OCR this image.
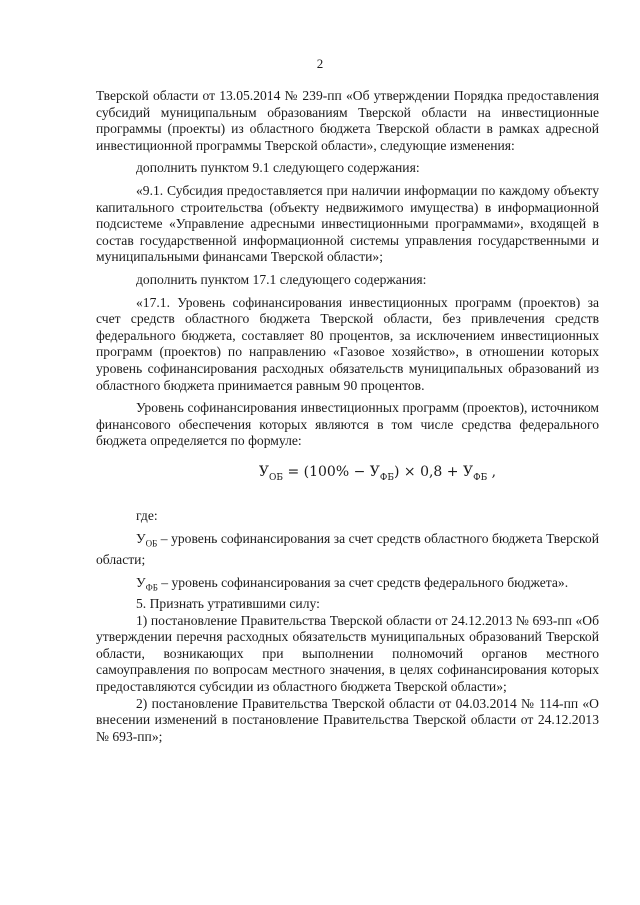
2

Тверской области от 13.05.2014 № 239-пп «Об утверждении Порядка предоставления субсидий муниципальным образованиям Тверской области на инвестиционные программы (проекты) из областного бюджета Тверской области в рамках адресной инвестиционной программы Тверской области», следующие изменения:

дополнить пунктом 9.1 следующего содержания:

«9.1. Субсидия предоставляется при наличии информации по каждому объекту капитального строительства (объекту недвижимого имущества) в информационной подсистеме «Управление адресными инвестиционными программами», входящей в состав государственной информационной системы управления государственными и муниципальными финансами Тверской области»;

дополнить пунктом 17.1 следующего содержания:

«17.1. Уровень софинансирования инвестиционных программ (проектов) за счет средств областного бюджета Тверской области, без привлечения средств федерального бюджета, составляет 80 процентов, за исключением инвестиционных программ (проектов) по направлению «Газовое хозяйство», в отношении которых уровень софинансирования расходных обязательств муниципальных образований из областного бюджета принимается равным 90 процентов.

Уровень софинансирования инвестиционных программ (проектов), источником финансового обеспечения которых являются в том числе средства федерального бюджета определяется по формуле:

$У_{ОБ} = (100\% - У_{ФБ}) \times 0,8 + У_{ФБ}$ ,

где:

$У_{ОБ}$ – уровень софинансирования за счет средств областного бюджета Тверской области;

$У_{ФБ}$ – уровень софинансирования за счет средств федерального бюджета».

5. Признать утратившими силу:

1) постановление Правительства Тверской области от 24.12.2013 № 693-пп «Об утверждении перечня расходных обязательств муниципальных образований Тверской области, возникающих при выполнении полномочий органов местного самоуправления по вопросам местного значения, в целях софинансирования которых предоставляются субсидии из областного бюджета Тверской области»;

2) постановление Правительства Тверской области от 04.03.2014 № 114-пп «О внесении изменений в постановление Правительства Тверской области от 24.12.2013 № 693-пп»;
